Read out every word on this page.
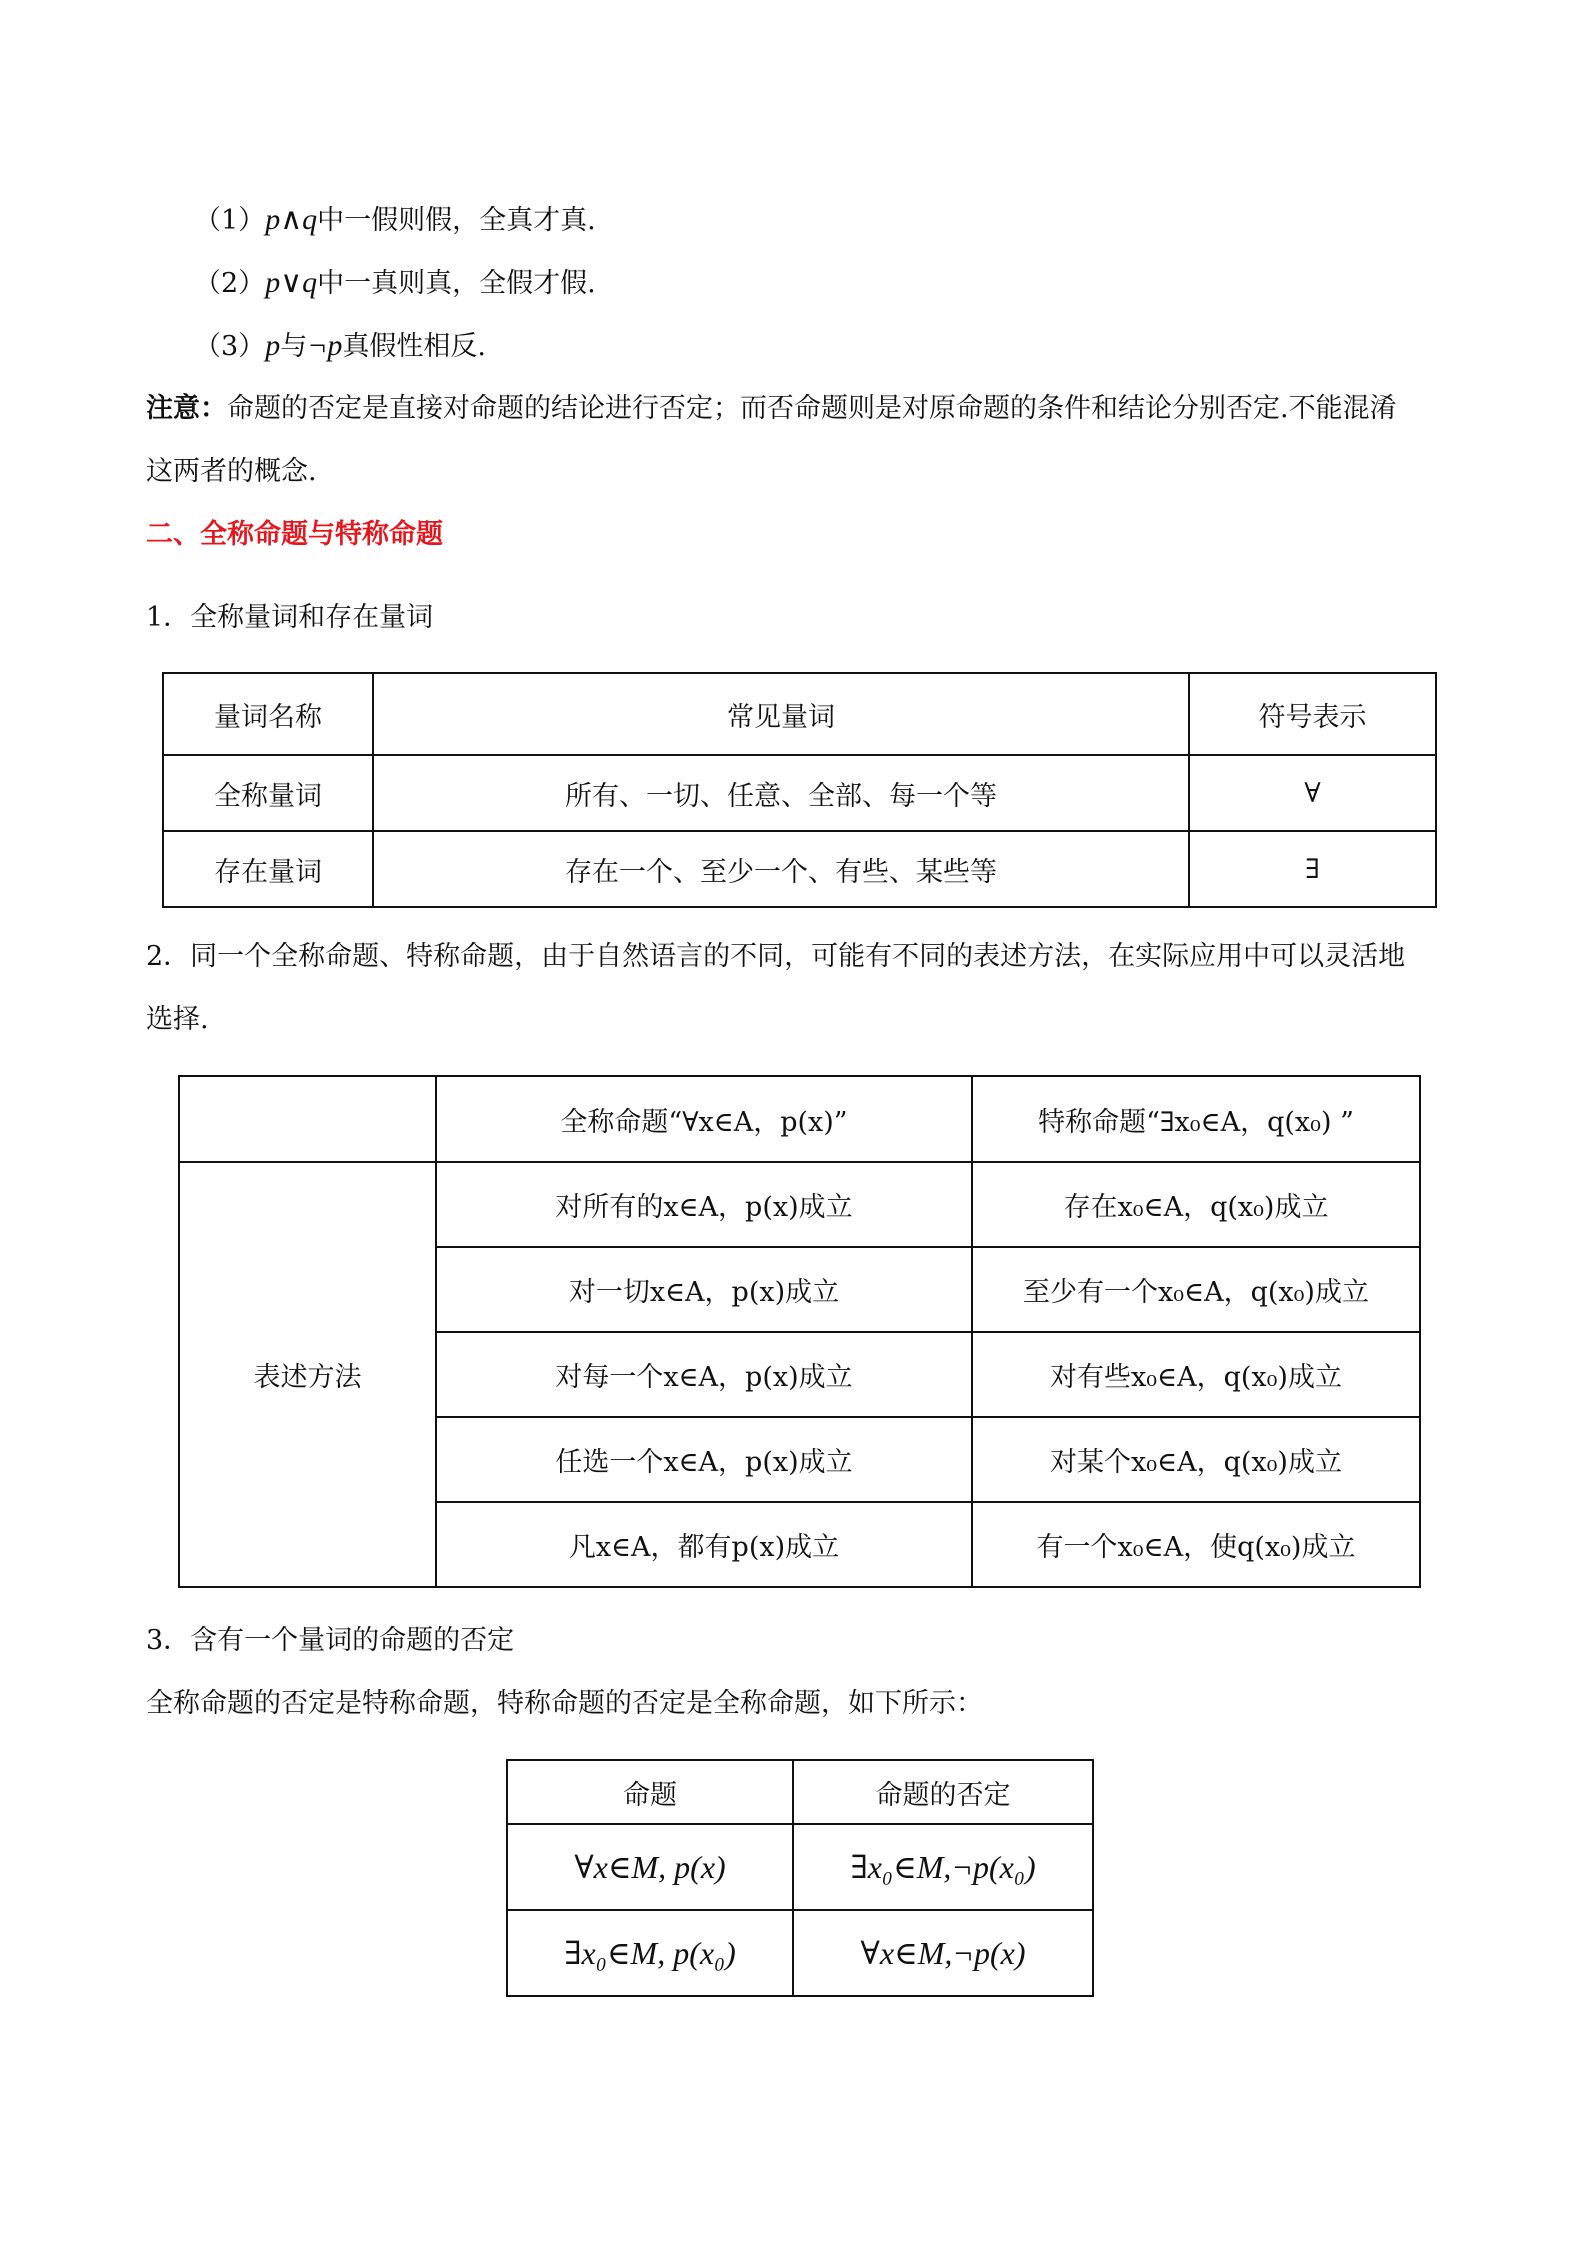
（1）p∧q中一假则假，全真才真.
（2）p∨q中一真则真，全假才假.
（3）p与¬p真假性相反.
注意：命题的否定是直接对命题的结论进行否定；而否命题则是对原命题的条件和结论分别否定.不能混淆
这两者的概念.
二、全称命题与特称命题
1．全称量词和存在量词
量词名称	常见量词	符号表示
全称量词	所有、一切、任意、全部、每一个等	∀
存在量词	存在一个、至少一个、有些、某些等	∃
2．同一个全称命题、特称命题，由于自然语言的不同，可能有不同的表述方法，在实际应用中可以灵活地
选择.
	全称命题“∀x∈A，p(x)”	特称命题“∃x₀∈A，q(x₀) ”
表述方法	对所有的x∈A，p(x)成立	存在x₀∈A，q(x₀)成立
	对一切x∈A，p(x)成立	至少有一个x₀∈A，q(x₀)成立
	对每一个x∈A，p(x)成立	对有些x₀∈A，q(x₀)成立
	任选一个x∈A，p(x)成立	对某个x₀∈A，q(x₀)成立
	凡x∈A，都有p(x)成立	有一个x₀∈A，使q(x₀)成立
3．含有一个量词的命题的否定
全称命题的否定是特称命题，特称命题的否定是全称命题，如下所示：
命题	命题的否定
∀x∈M, p(x)	∃x₀∈M,¬p(x₀)
∃x₀∈M, p(x₀)	∀x∈M,¬p(x)
